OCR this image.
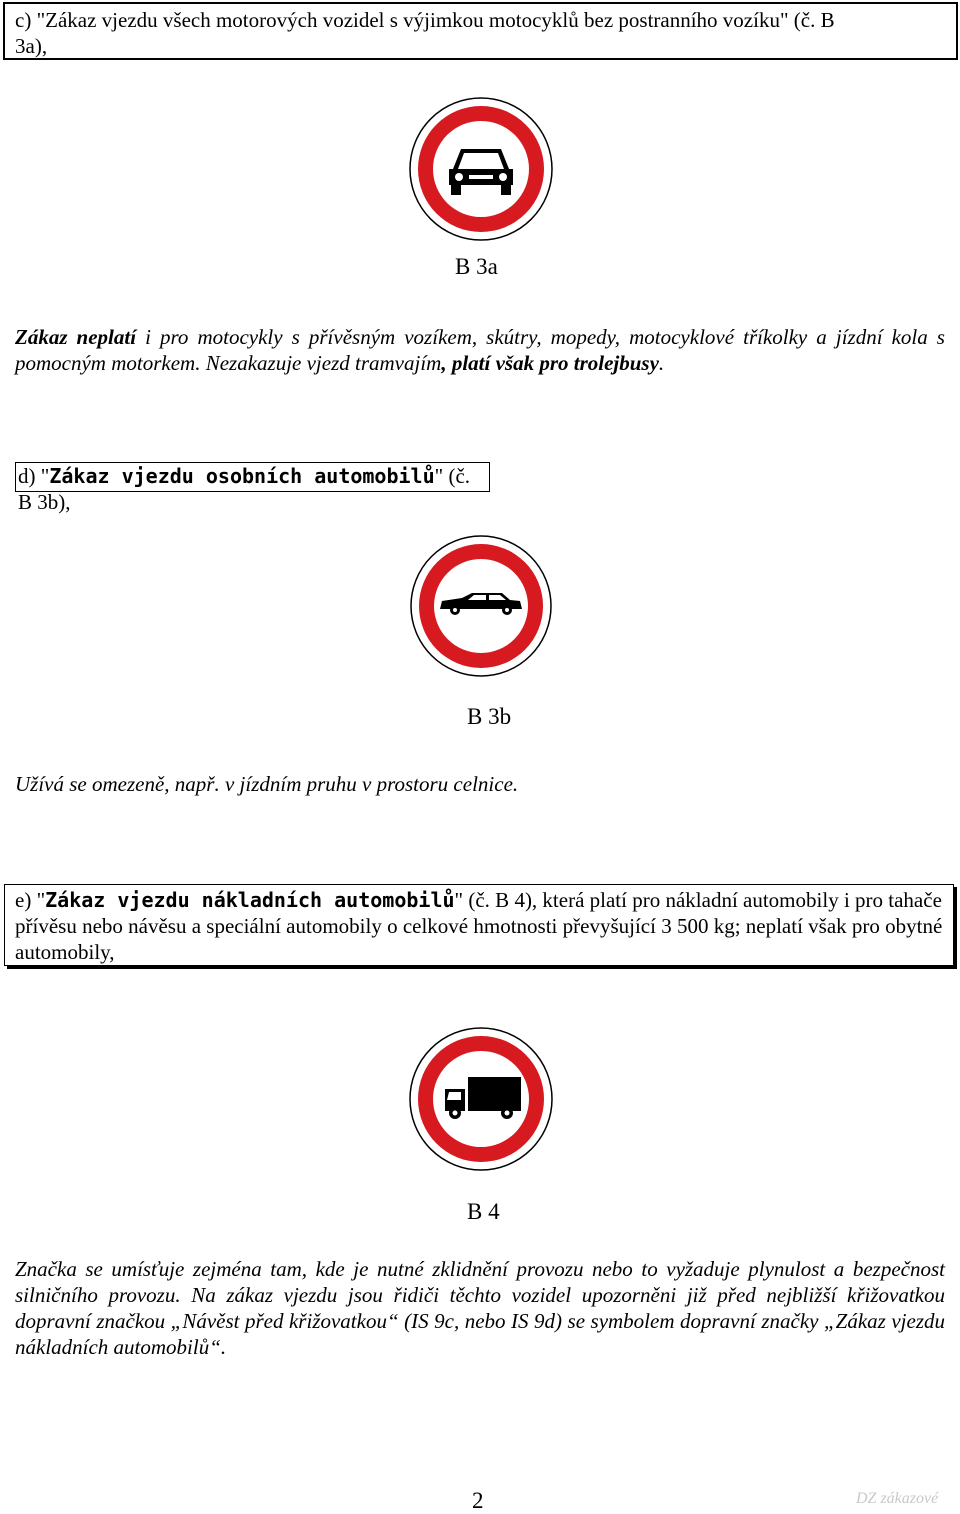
c) "Zákaz vjezdu všech motorových vozidel s výjimkou motocyklů bez postranního vozíku" (č. B
3a),
B 3a
Zákaz neplatí i pro motocykly s přívěsným vozíkem, skútry, mopedy, motocyklové tříkolky a jízdní kola s pomocným motorkem. Nezakazuje vjezd tramvajím, platí však pro trolejbusy.
d) "Zákaz vjezdu osobních automobilů" (č. B 3b),
B 3b
Užívá se omezeně, např. v jízdním pruhu v prostoru celnice.
e) "Zákaz vjezdu nákladních automobilů" (č. B 4), která platí pro nákladní automobily i pro tahače přívěsu nebo návěsu a speciální automobily o celkové hmotnosti převyšující 3 500 kg; neplatí však pro obytné automobily,
B 4
Značka se umísťuje zejména tam, kde je nutné zklidnění provozu nebo to vyžaduje plynulost a bezpečnost silničního provozu. Na zákaz vjezdu jsou řidiči těchto vozidel upozorněni již před nejbližší křižovatkou dopravní značkou „Návěst před křižovatkou“ (IS 9c, nebo IS 9d) se symbolem dopravní značky „Zákaz vjezdu nákladních automobilů“.
2	DZ zákazové
